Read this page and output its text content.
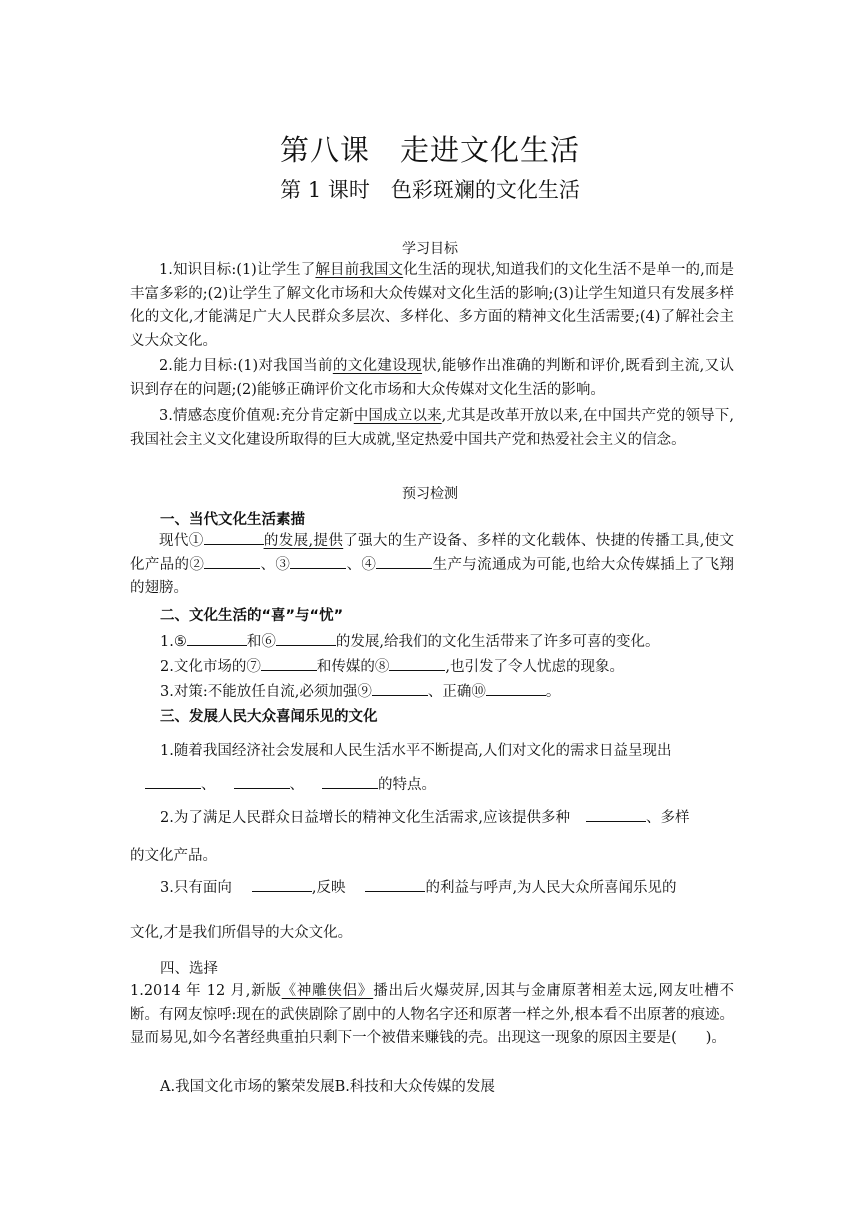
第八课　走进文化生活
第 1 课时　色彩斑斓的文化生活
学习目标
1.知识目标:(1)让学生了解目前我国文化生活的现状,知道我们的文化生活不是单一的,而是丰富多彩的;(2)让学生了解文化市场和大众传媒对文化生活的影响;(3)让学生知道只有发展多样化的文化,才能满足广大人民群众多层次、多样化、多方面的精神文化生活需要;(4)了解社会主义大众文化。
2.能力目标:(1)对我国当前的文化建设现状,能够作出准确的判断和评价,既看到主流,又认识到存在的问题;(2)能够正确评价文化市场和大众传媒对文化生活的影响。
3.情感态度价值观:充分肯定新中国成立以来,尤其是改革开放以来,在中国共产党的领导下,我国社会主义文化建设所取得的巨大成就,坚定热爱中国共产党和热爱社会主义的信念。
预习检测
一、当代文化生活素描
现代①	的发展,提供了强大的生产设备、多样的文化载体、快捷的传播工具,使文化产品的②	、③	、④	生产与流通成为可能,也给大众传媒插上了飞翔的翅膀。
二、文化生活的“喜”与“忧”
1.⑤	和⑥	的发展,给我们的文化生活带来了许多可喜的变化。
2.文化市场的⑦	和传媒的⑧	,也引发了令人忧虑的现象。
3.对策:不能放任自流,必须加强⑨	、正确⑩	。
三、发展人民大众喜闻乐见的文化
1.随着我国经济社会发展和人民生活水平不断提高,人们对文化的需求日益呈现出
、	、	的特点。
2.为了满足人民群众日益增长的精神文化生活需求,应该提供多种	、多样
的文化产品。
3.只有面向	,反映	的利益与呼声,为人民大众所喜闻乐见的
文化,才是我们所倡导的大众文化。
四、选择
1.2014 年 12 月,新版《神雕侠侣》播出后火爆荧屏,因其与金庸原著相差太远,网友吐槽不断。有网友惊呼:现在的武侠剧除了剧中的人物名字还和原著一样之外,根本看不出原著的痕迹。显而易见,如今名著经典重拍只剩下一个被借来赚钱的壳。出现这一现象的原因主要是(　　)。
A.我国文化市场的繁荣发展B.科技和大众传媒的发展
